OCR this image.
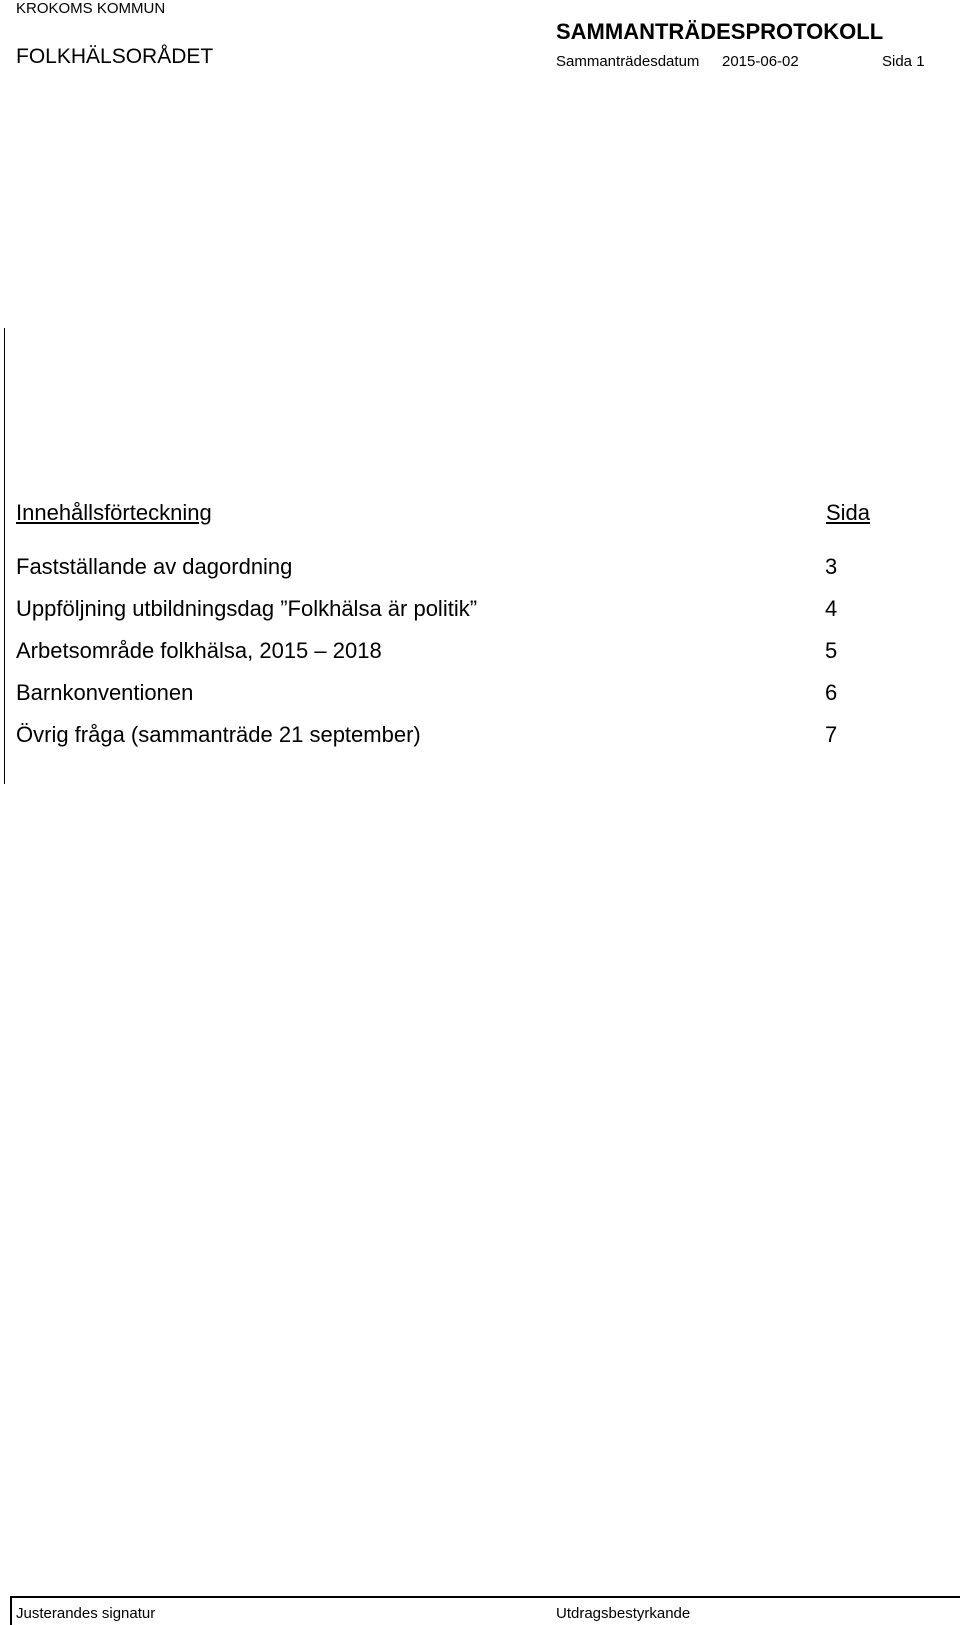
KROKOMS KOMMUN
FOLKHÄLSORÅDET
SAMMANTRÄDESPROTOKOLL
Sammanträdesdatum 2015-06-02	Sida 1
Innehållsförteckning	Sida
Fastställande av dagordning	3
Uppföljning utbildningsdag ”Folkhälsa är politik”	4
Arbetsområde folkhälsa, 2015 – 2018	5
Barnkonventionen	6
Övrig fråga (sammanträde 21 september)	7
Justerandes signatur	Utdragsbestyrkande
